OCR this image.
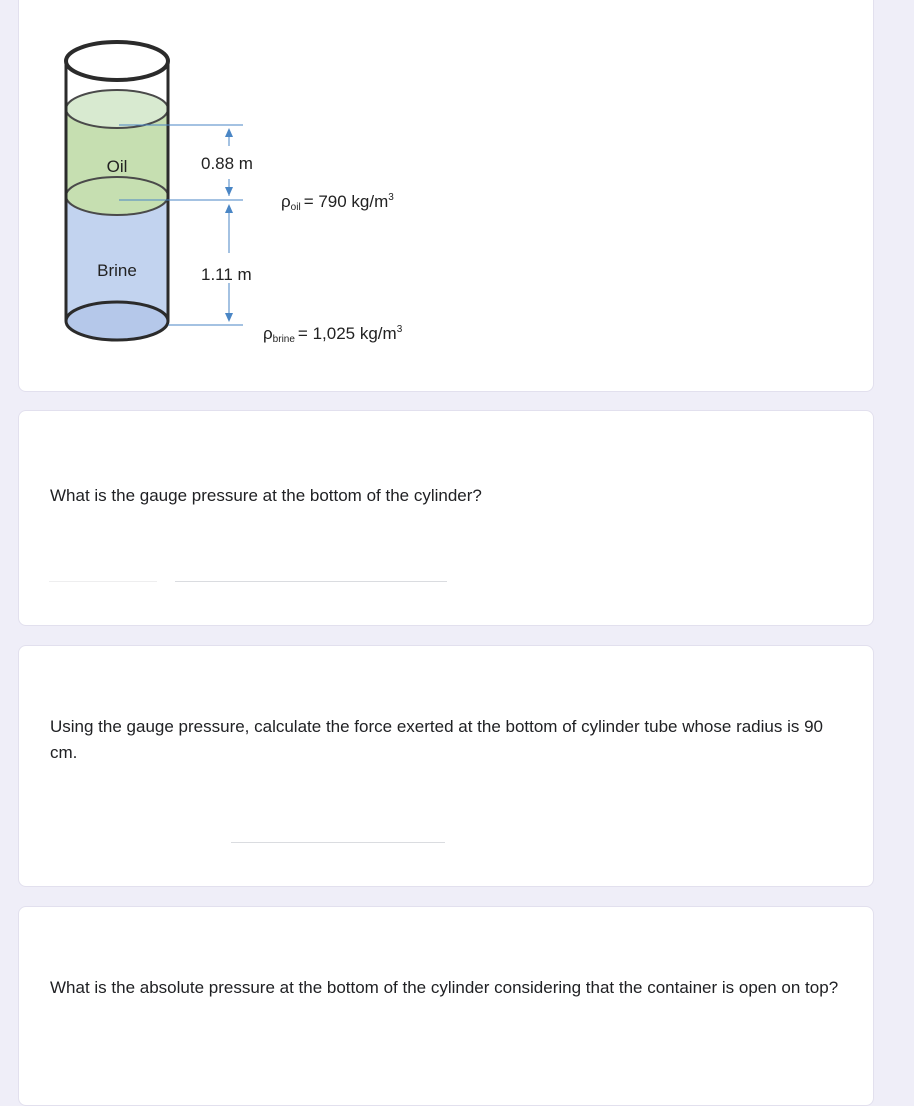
Oil
Brine
0.88 m
1.11 m
ρoil = 790 $kg/m^3$
ρbrine = 1,025 $kg/m^3$
What is the gauge pressure at the bottom of the cylinder?
Using the gauge pressure, calculate the force exerted at the bottom of cylinder tube whose radius is 90 cm.
What is the absolute pressure at the bottom of the cylinder considering that the container is open on top?
